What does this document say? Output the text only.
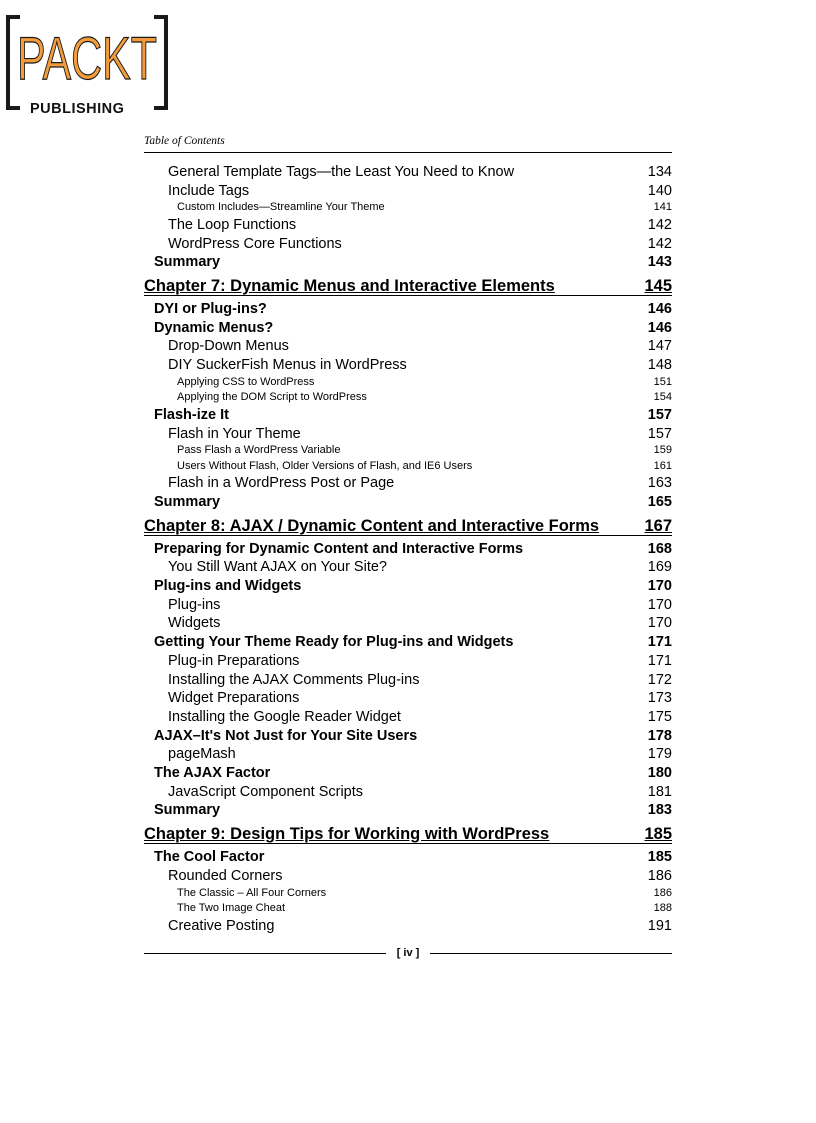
PACKT
PUBLISHING
Table of Contents
General Template Tags—the Least You Need to Know	134
Include Tags	140
Custom Includes—Streamline Your Theme	141
The Loop Functions	142
WordPress Core Functions	142
Summary	143
Chapter 7: Dynamic Menus and Interactive Elements	145
DYI or Plug-ins?	146
Dynamic Menus?	146
Drop-Down Menus	147
DIY SuckerFish Menus in WordPress	148
Applying CSS to WordPress	151
Applying the DOM Script to WordPress	154
Flash-ize It	157
Flash in Your Theme	157
Pass Flash a WordPress Variable	159
Users Without Flash, Older Versions of Flash, and IE6 Users	161
Flash in a WordPress Post or Page	163
Summary	165
Chapter 8: AJAX / Dynamic Content and Interactive Forms	167
Preparing for Dynamic Content and Interactive Forms	168
You Still Want AJAX on Your Site?	169
Plug-ins and Widgets	170
Plug-ins	170
Widgets	170
Getting Your Theme Ready for Plug-ins and Widgets	171
Plug-in Preparations	171
Installing the AJAX Comments Plug-ins	172
Widget Preparations	173
Installing the Google Reader Widget	175
AJAX–It's Not Just for Your Site Users	178
pageMash	179
The AJAX Factor	180
JavaScript Component Scripts	181
Summary	183
Chapter 9: Design Tips for Working with WordPress	185
The Cool Factor	185
Rounded Corners	186
The Classic – All Four Corners	186
The Two Image Cheat	188
Creative Posting	191
[ iv ]
